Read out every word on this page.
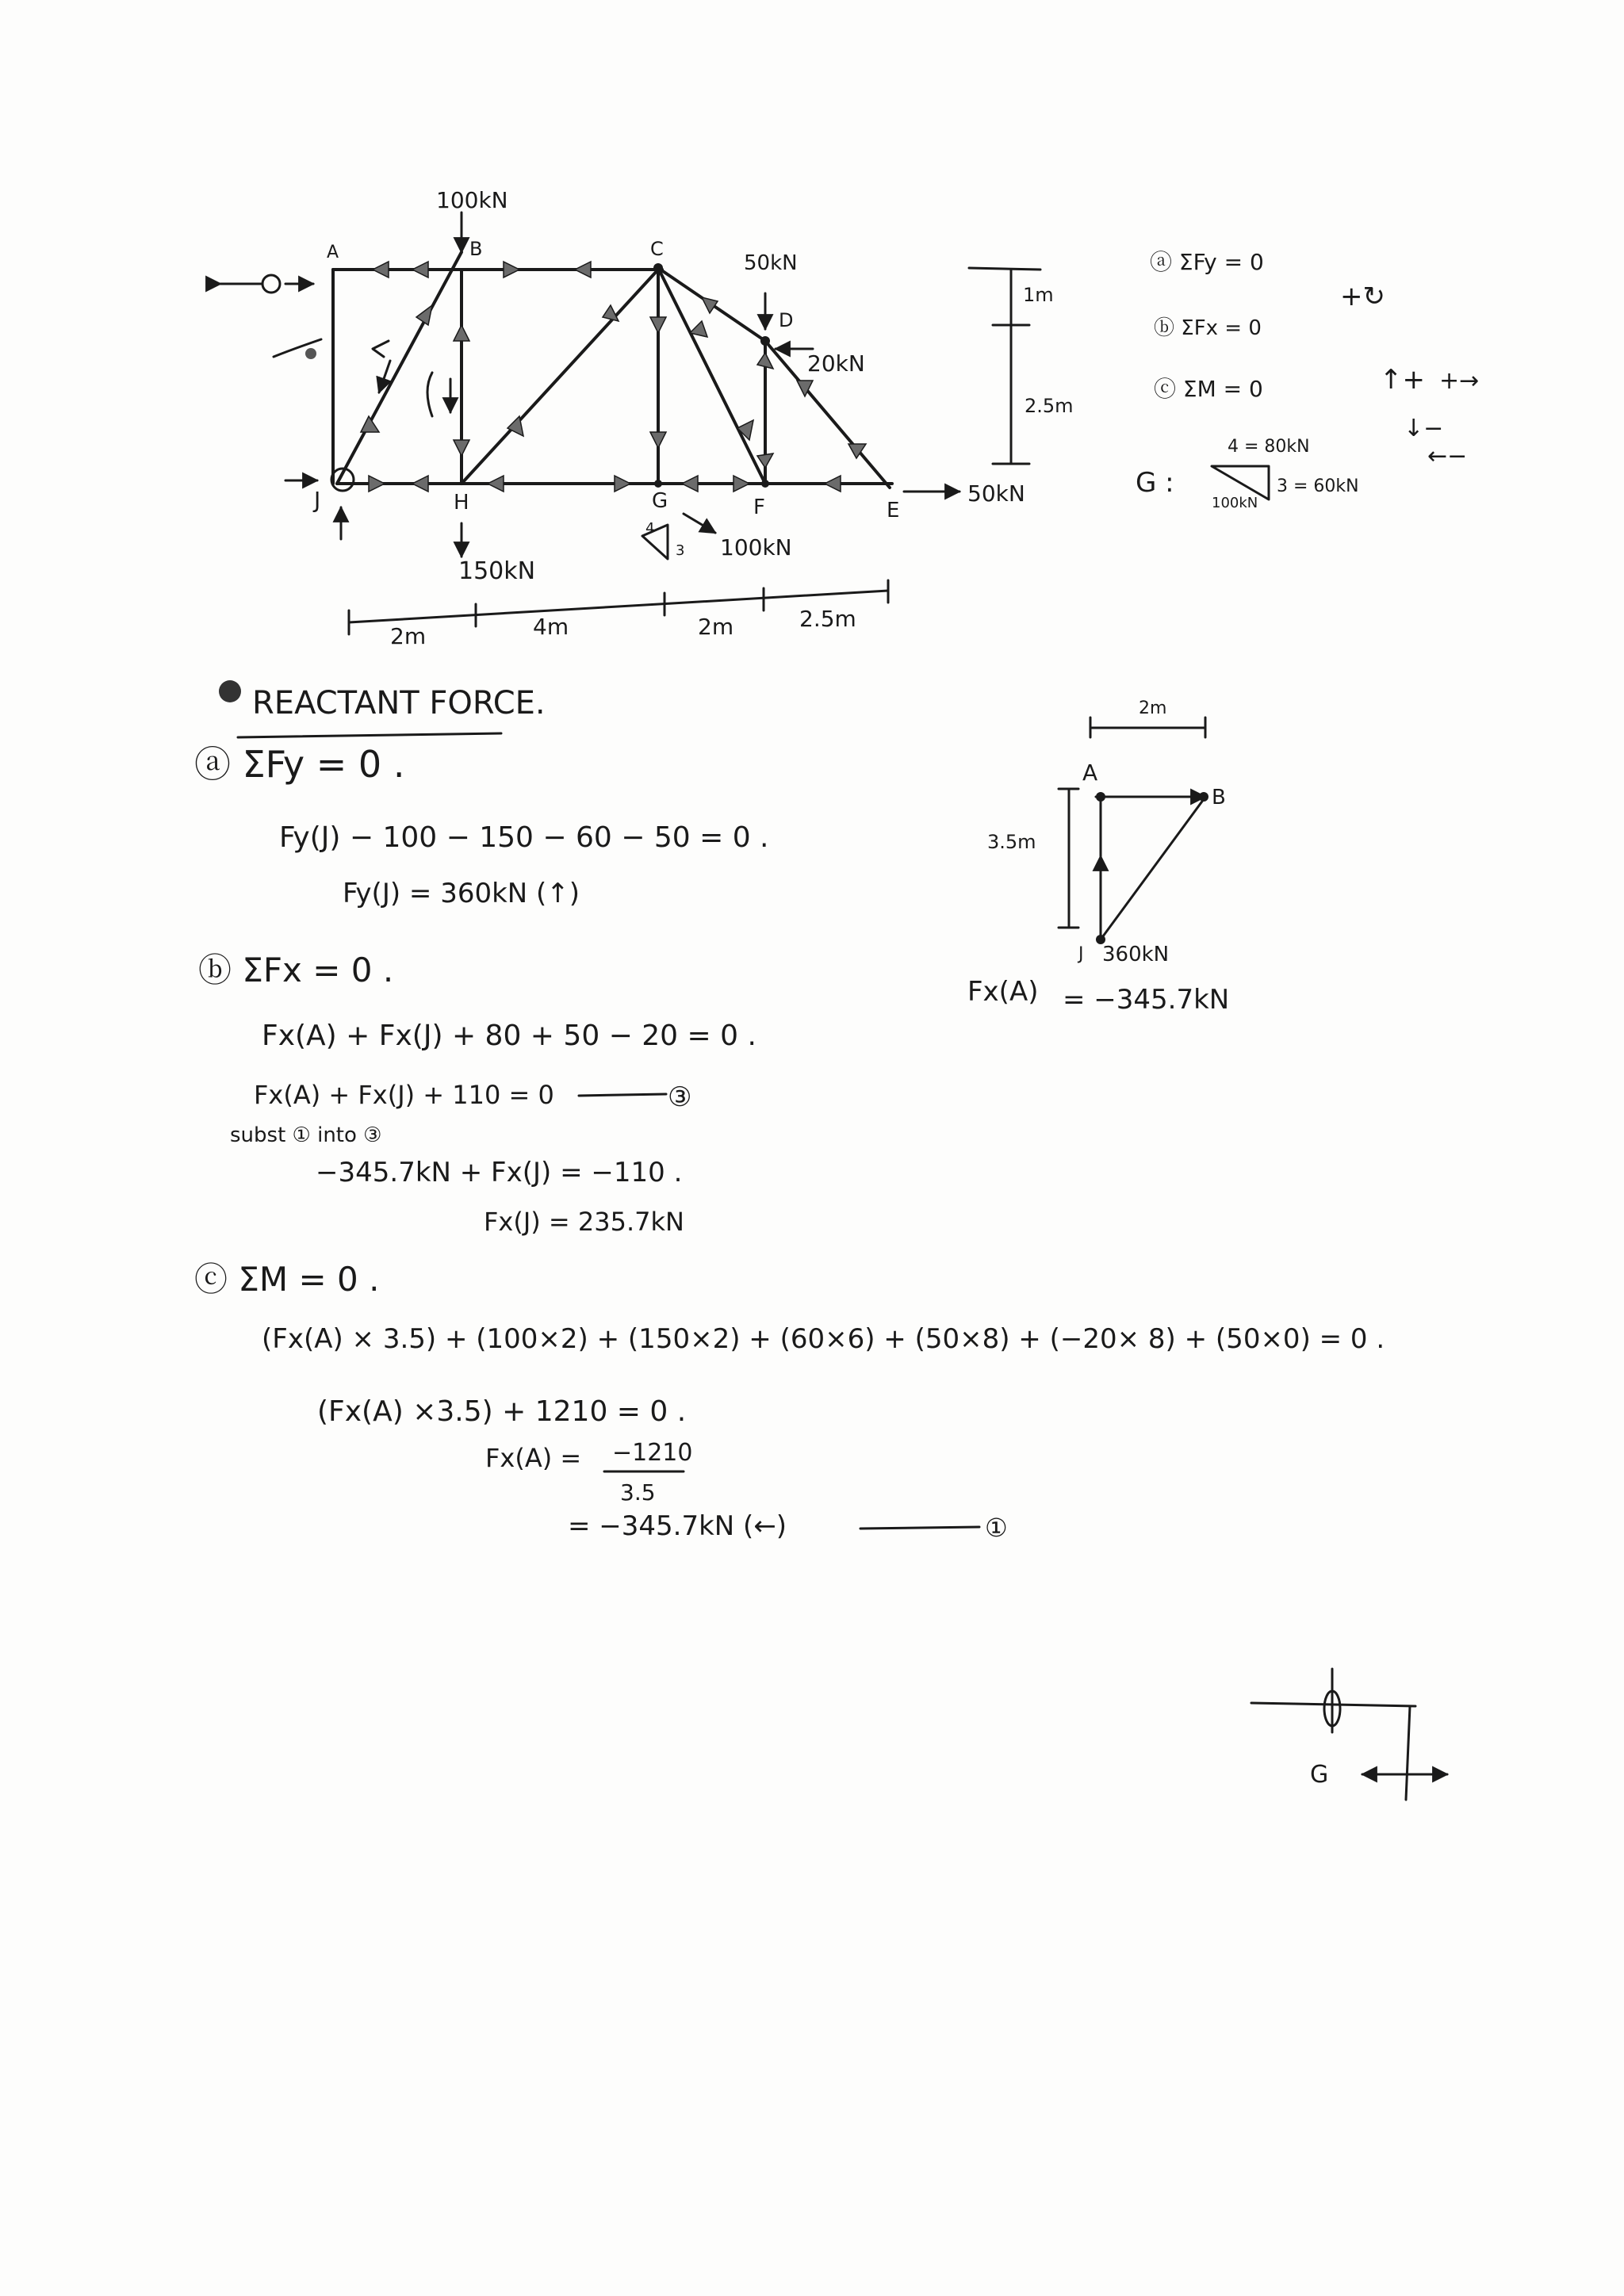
A	B	C
D
E
F
G
H
J
100kN
50kN
20kN
50kN
150kN
100kN
4
3
2m	4m	2m	2.5m
1m
2.5m
ⓐ ΣFy = 0
ⓑ ΣFx = 0
ⓒ ΣM = 0
+↻
↑+ +→
↓−
←−
G :
4 = 80kN
3 = 60kN
100kN
REACTANT FORCE.
ⓐ ΣFy = 0 .
Fy(J) − 100 − 150 − 60 − 50 = 0 .
Fy(J) = 360kN (↑)
ⓑ ΣFx = 0 .
Fx(A) + Fx(J) + 80 + 50 − 20 = 0 .
Fx(A) + Fx(J) + 110 = 0	③
subst ① into ③
−345.7kN + Fx(J) = −110 .
Fx(J) = 235.7kN
ⓒ ΣM = 0 .
(Fx(A) × 3.5) + (100×2) + (150×2) + (60×6) + (50×8) + (−20× 8) + (50×0) = 0 .
(Fx(A) ×3.5) + 1210 = 0 .
Fx(A) = −1210
3.5
= −345.7kN (←)	①
2m
A
B
J 360kN
3.5m
Fx(A) = −345.7kN
G
